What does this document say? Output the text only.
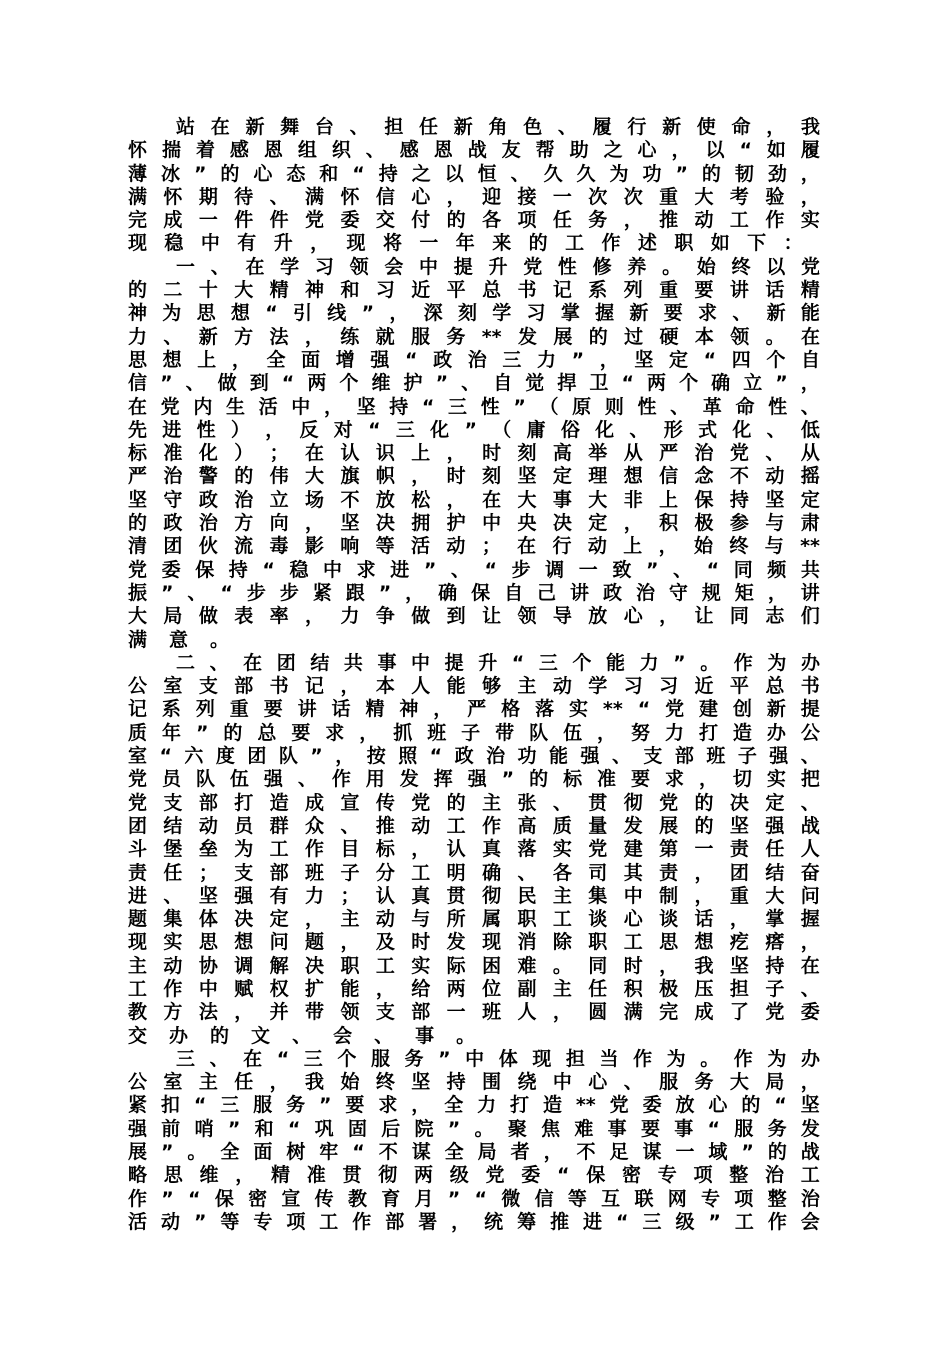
站 在 新 舞 台 、 担 任 新 角 色 、 履 行 新 使 命 ， 我
怀 揣 着 感 恩 组 织 、 感 恩 战 友 帮 助 之 心 ， 以 “ 如 履
薄 冰 ” 的 心 态 和 “ 持 之 以 恒 、 久 久 为 功 ” 的 韧 劲 ，
满 怀 期 待 、 满 怀 信 心 ， 迎 接 一 次 次 重 大 考 验 ，
完 成 一 件 件 党 委 交 付 的 各 项 任 务 ， 推 动 工 作 实
现 稳 中 有 升 ， 现 将 一 年 来 的 工 作 述 职 如 下 ：
一 、 在 学 习 领 会 中 提 升 党 性 修 养 。 始 终 以 党
的 二 十 大 精 神 和 习 近 平 总 书 记 系 列 重 要 讲 话 精
神 为 思 想 “ 引 线 ” ， 深 刻 学 习 掌 握 新 要 求 、 新 能
力 、 新 方 法 ， 练 就 服 务 ** 发 展 的 过 硬 本 领 。 在
思 想 上 ， 全 面 增 强 “ 政 治 三 力 ” ， 坚 定 “ 四 个 自
信 ” 、 做 到 “ 两 个 维 护 ” 、 自 觉 捍 卫 “ 两 个 确 立 ” ，
在 党 内 生 活 中 ， 坚 持 “ 三 性 ” （ 原 则 性 、 革 命 性 、
先 进 性 ） ， 反 对 “ 三 化 ” （ 庸 俗 化 、 形 式 化 、 低
标 准 化 ） ； 在 认 识 上 ， 时 刻 高 举 从 严 治 党 、 从
严 治 警 的 伟 大 旗 帜 ， 时 刻 坚 定 理 想 信 念 不 动 摇
坚 守 政 治 立 场 不 放 松 ， 在 大 事 大 非 上 保 持 坚 定
的 政 治 方 向 ， 坚 决 拥 护 中 央 决 定 ， 积 极 参 与 肃
清 团 伙 流 毒 影 响 等 活 动 ； 在 行 动 上 ， 始 终 与 **
党 委 保 持 “ 稳 中 求 进 ” 、 “ 步 调 一 致 ” 、 “ 同 频 共
振 ” 、 “ 步 步 紧 跟 ” ， 确 保 自 己 讲 政 治 守 规 矩 ， 讲
大 局 做 表 率 ， 力 争 做 到 让 领 导 放 心 ， 让 同 志 们
满 意 。
二 、 在 团 结 共 事 中 提 升 “ 三 个 能 力 ” 。 作 为 办
公 室 支 部 书 记 ， 本 人 能 够 主 动 学 习 习 近 平 总 书
记 系 列 重 要 讲 话 精 神 ， 严 格 落 实 ** “ 党 建 创 新 提
质 年 ” 的 总 要 求 ， 抓 班 子 带 队 伍 ， 努 力 打 造 办 公
室 “ 六 度 团 队 ” ， 按 照 “ 政 治 功 能 强 、 支 部 班 子 强 、
党 员 队 伍 强 、 作 用 发 挥 强 ” 的 标 准 要 求 ， 切 实 把
党 支 部 打 造 成 宣 传 党 的 主 张 、 贯 彻 党 的 决 定 、
团 结 动 员 群 众 、 推 动 工 作 高 质 量 发 展 的 坚 强 战
斗 堡 垒 为 工 作 目 标 ， 认 真 落 实 党 建 第 一 责 任 人
责 任 ； 支 部 班 子 分 工 明 确 、 各 司 其 责 ， 团 结 奋
进 、 坚 强 有 力 ； 认 真 贯 彻 民 主 集 中 制 ， 重 大 问
题 集 体 决 定 ， 主 动 与 所 属 职 工 谈 心 谈 话 ， 掌 握
现 实 思 想 问 题 ， 及 时 发 现 消 除 职 工 思 想 疙 瘩 ，
主 动 协 调 解 决 职 工 实 际 困 难 。 同 时 ， 我 坚 持 在
工 作 中 赋 权 扩 能 ， 给 两 位 副 主 任 积 极 压 担 子 、
教 方 法 ， 并 带 领 支 部 一 班 人 ， 圆 满 完 成 了 党 委
交 办 的 文 、 会 、 事 。
三 、 在 “ 三 个 服 务 ” 中 体 现 担 当 作 为 。 作 为 办
公 室 主 任 ， 我 始 终 坚 持 围 绕 中 心 、 服 务 大 局 ，
紧 扣 “ 三 服 务 ” 要 求 ， 全 力 打 造 ** 党 委 放 心 的 “ 坚
强 前 哨 ” 和 “ 巩 固 后 院 ” 。 聚 焦 难 事 要 事 “ 服 务 发
展 ” 。 全 面 树 牢 “ 不 谋 全 局 者 ， 不 足 谋 一 域 ” 的 战
略 思 维 ， 精 准 贯 彻 两 级 党 委 “ 保 密 专 项 整 治 工
作 ” “ 保 密 宣 传 教 育 月 ” “ 微 信 等 互 联 网 专 项 整 治
活 动 ” 等 专 项 工 作 部 署 ， 统 筹 推 进 “ 三 级 ” 工 作 会
